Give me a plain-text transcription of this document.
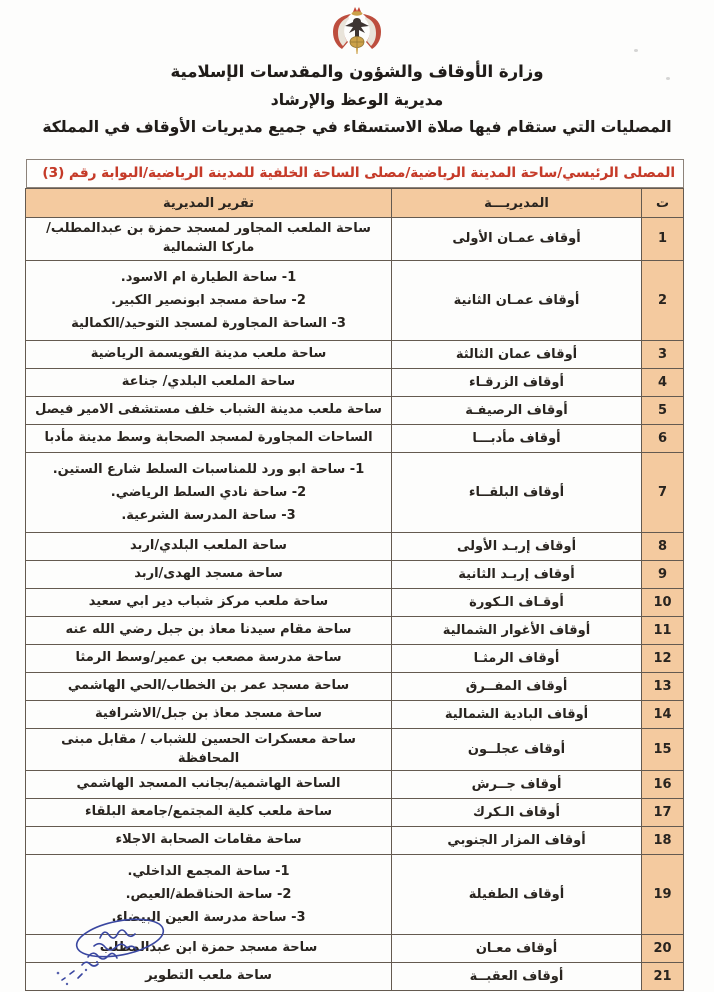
وزارة الأوقاف والشؤون والمقدسات الإسلامية
مديرية الوعظ والإرشاد
المصليات التي ستقام فيها صلاة الاستسقاء في جميع مديريات الأوقاف في المملكة
المصلى الرئيسي/ساحة المدينة الرياضية/مصلى الساحة الخلفية للمدينة الرياضية/البوابة رقم (3)
ت	المديريـــة	تقرير المديرية
1	أوقاف عمـان الأولى	ساحة الملعب المجاور لمسجد حمزة بن عبدالمطلب/ ماركا الشمالية

2	أوقاف عمـان الثانية	1- ساحة الطيارة ام الاسود.
2- ساحة مسجد ابونصير الكبير.
3- الساحة المجاورة لمسجد التوحيد/الكمالية

3	أوقاف عمان الثالثة	ساحة ملعب مدينة القويسمة الرياضية

4	أوقاف الزرقـاء	ساحة الملعب البلدي/ جناعة

5	أوقاف الرصيفـة	ساحة ملعب مدينة الشباب خلف مستشفى الامير فيصل

6	أوقاف مأدبـــا	الساحات المجاورة لمسجد الصحابة وسط مدينة مأدبا

7	أوقاف البلقــاء	1- ساحة ابو ورد للمناسبات السلط شارع الستين.
2- ساحة نادي السلط الرياضي.
3- ساحة المدرسة الشرعية.

8	أوقاف إربـد الأولى	ساحة الملعب البلدي/اربد

9	أوقاف إربـد الثانية	ساحة مسجد الهدى/اربد

10	أوقـاف الـكورة	ساحة ملعب مركز شباب دير ابي سعيد

11	أوقاف الأغوار الشمالية	ساحة مقام سيدنا معاذ بن جبل رضي الله عنه

12	أوقاف الرمثـا	ساحة مدرسة مصعب بن عمير/وسط الرمثا

13	أوقاف المفــرق	ساحة مسجد عمر بن الخطاب/الحي الهاشمي

14	أوقاف البادية الشمالية	ساحة مسجد معاذ بن جبل/الاشرافية

15	أوقاف عجلــون	ساحة معسكرات الحسين للشباب / مقابل مبنى المحافظة

16	أوقاف جــرش	الساحة الهاشمية/بجانب المسجد الهاشمي

17	أوقاف الـكرك	ساحة ملعب كلية المجتمع/جامعة البلقاء

18	أوقاف المزار الجنوبي	ساحة مقامات الصحابة الاجلاء

19	أوقاف الطفيلة	1- ساحة المجمع الداخلي.
2- ساحة الحناقطة/العيص.
3- ساحة مدرسة العين البيضاء.

20	أوقاف معـان	ساحة مسجد حمزة ابن عبدالمطلب

21	أوقاف العقبــة	ساحة ملعب التطوير
